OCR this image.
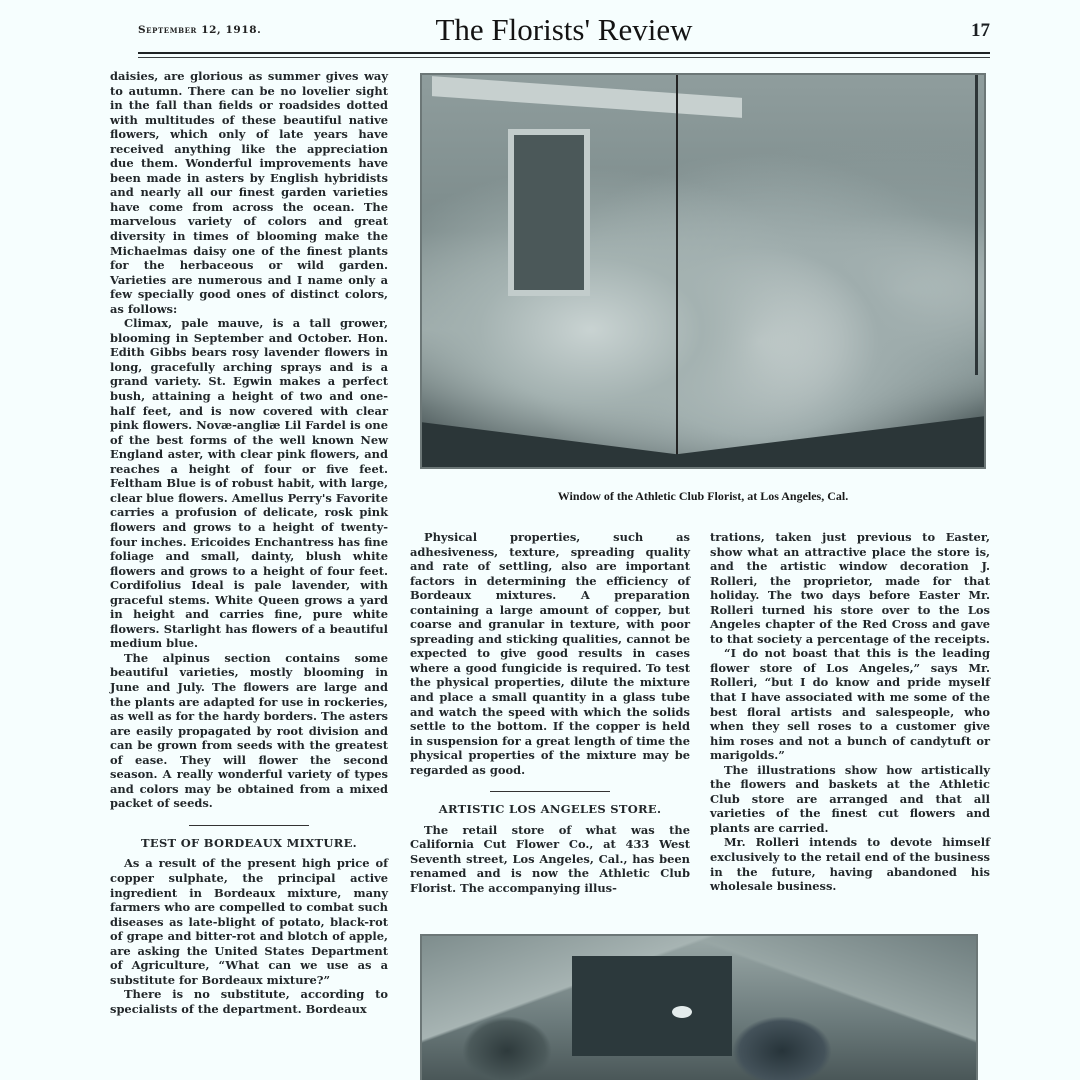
September 12, 1918.	The Florists' Review	17

daisies, are glorious as summer gives way to autumn. There can be no lovelier sight in the fall than fields or roadsides dotted with multitudes of these beautiful native flowers, which only of late years have received anything like the appreciation due them. Wonderful improvements have been made in asters by English hybridists and nearly all our finest garden varieties have come from across the ocean. The marvelous variety of colors and great diversity in times of blooming make the Michaelmas daisy one of the finest plants for the herbaceous or wild garden. Varieties are numerous and I name only a few specially good ones of distinct colors, as follows:

Climax, pale mauve, is a tall grower, blooming in September and October. Hon. Edith Gibbs bears rosy lavender flowers in long, gracefully arching sprays and is a grand variety. St. Egwin makes a perfect bush, attaining a height of two and one-half feet, and is now covered with clear pink flowers. Novæ-angliæ Lil Fardel is one of the best forms of the well known New England aster, with clear pink flowers, and reaches a height of four or five feet. Feltham Blue is of robust habit, with large, clear blue flowers. Amellus Perry's Favorite carries a profusion of delicate, rosk pink flowers and grows to a height of twenty-four inches. Ericoides Enchantress has fine foliage and small, dainty, blush white flowers and grows to a height of four feet. Cordifolius Ideal is pale lavender, with graceful stems. White Queen grows a yard in height and carries fine, pure white flowers. Starlight has flowers of a beautiful medium blue.

The alpinus section contains some beautiful varieties, mostly blooming in June and July. The flowers are large and the plants are adapted for use in rockeries, as well as for the hardy borders. The asters are easily propagated by root division and can be grown from seeds with the greatest of ease. They will flower the second season. A really wonderful variety of types and colors may be obtained from a mixed packet of seeds.

TEST OF BORDEAUX MIXTURE.

As a result of the present high price of copper sulphate, the principal active ingredient in Bordeaux mixture, many farmers who are compelled to combat such diseases as late-blight of potato, black-rot of grape and bitter-rot and blotch of apple, are asking the United States Department of Agriculture, “What can we use as a substitute for Bordeaux mixture?”

There is no substitute, according to specialists of the department. Bordeaux

Window of the Athletic Club Florist, at Los Angeles, Cal.

Physical properties, such as adhesiveness, texture, spreading quality and rate of settling, also are important factors in determining the efficiency of Bordeaux mixtures. A preparation containing a large amount of copper, but coarse and granular in texture, with poor spreading and sticking qualities, cannot be expected to give good results in cases where a good fungicide is required. To test the physical properties, dilute the mixture and place a small quantity in a glass tube and watch the speed with which the solids settle to the bottom. If the copper is held in suspension for a great length of time the physical properties of the mixture may be regarded as good.

ARTISTIC LOS ANGELES STORE.

The retail store of what was the California Cut Flower Co., at 433 West Seventh street, Los Angeles, Cal., has been renamed and is now the Athletic Club Florist. The accompanying illus-

trations, taken just previous to Easter, show what an attractive place the store is, and the artistic window decoration J. Rolleri, the proprietor, made for that holiday. The two days before Easter Mr. Rolleri turned his store over to the Los Angeles chapter of the Red Cross and gave to that society a percentage of the receipts.

“I do not boast that this is the leading flower store of Los Angeles,” says Mr. Rolleri, “but I do know and pride myself that I have associated with me some of the best floral artists and salespeople, who when they sell roses to a customer give him roses and not a bunch of candytuft or marigolds.”

The illustrations show how artistically the flowers and baskets at the Athletic Club store are arranged and that all varieties of the finest cut flowers and plants are carried.

Mr. Rolleri intends to devote himself exclusively to the retail end of the business in the future, having abandoned his wholesale business.
